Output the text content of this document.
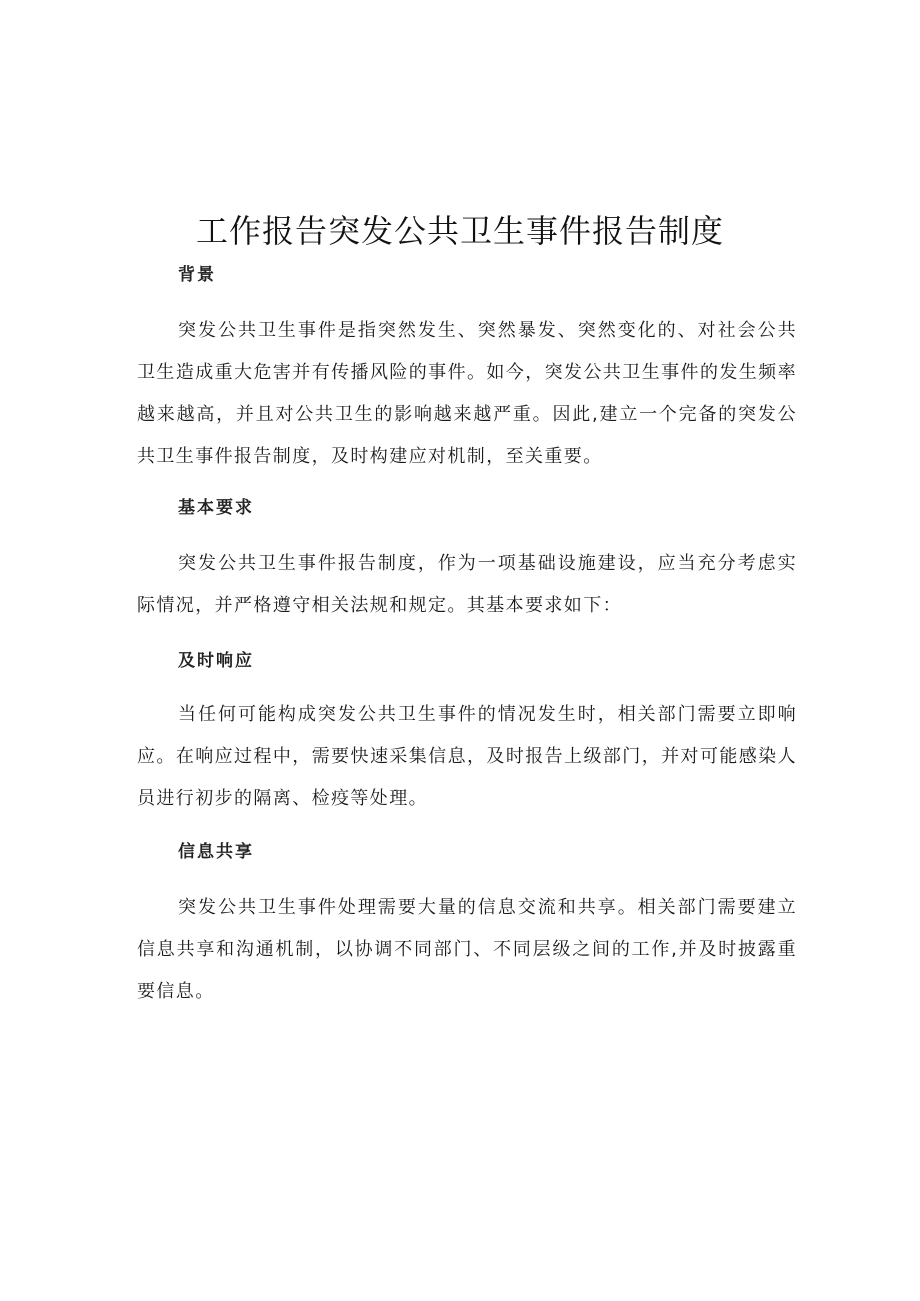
工作报告突发公共卫生事件报告制度
背景

突发公共卫生事件是指突然发生、突然暴发、突然变化的、对社会公共卫生造成重大危害并有传播风险的事件。如今，突发公共卫生事件的发生频率越来越高，并且对公共卫生的影响越来越严重。因此,建立一个完备的突发公共卫生事件报告制度，及时构建应对机制，至关重要。

基本要求

突发公共卫生事件报告制度，作为一项基础设施建设，应当充分考虑实际情况，并严格遵守相关法规和规定。其基本要求如下：

及时响应

当任何可能构成突发公共卫生事件的情况发生时，相关部门需要立即响应。在响应过程中，需要快速采集信息，及时报告上级部门，并对可能感染人员进行初步的隔离、检疫等处理。

信息共享

突发公共卫生事件处理需要大量的信息交流和共享。相关部门需要建立信息共享和沟通机制，以协调不同部门、不同层级之间的工作,并及时披露重要信息。
